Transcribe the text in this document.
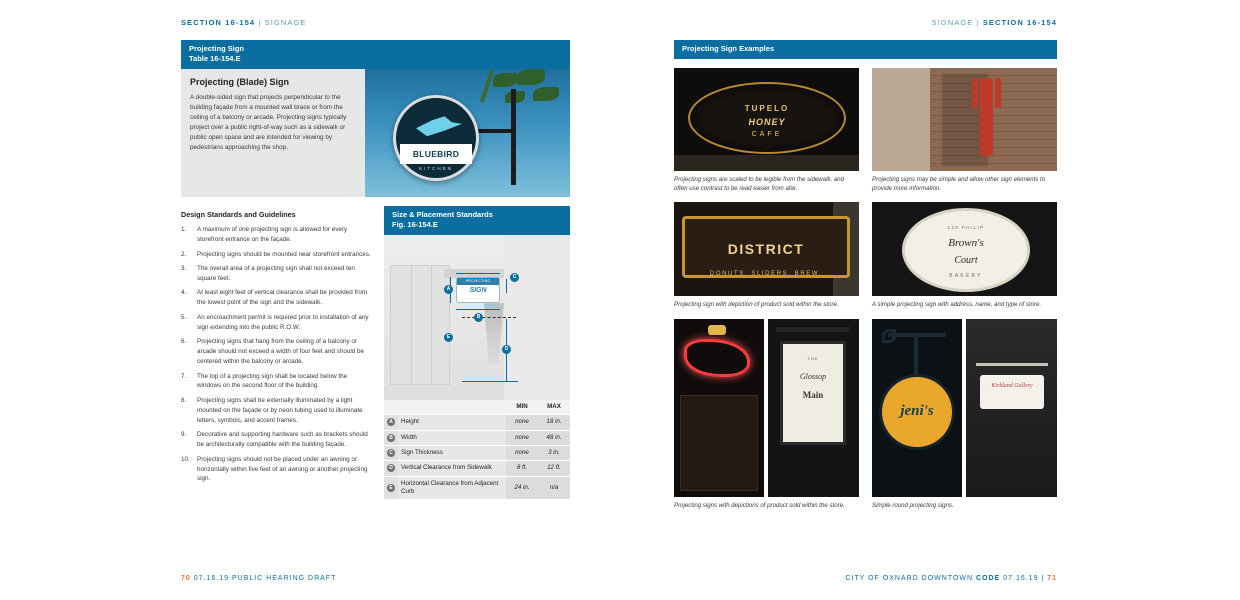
SECTION 16-154 | SIGNAGE	SIGNAGE | SECTION 16-154
Projecting Sign
Table 16-154.E
Projecting (Blade) Sign

A double-sided sign that projects perpendicular to the building façade from a mounted wall brace or from the ceiling of a balcony or arcade. Projecting signs typically project over a public right-of-way such as a sidewalk or public open space and are intended for viewing by pedestrians approaching the shop.

BLUEBIRD
KITCHEN
Design Standards and Guidelines
1.	A maximum of one projecting sign is allowed for every storefront entrance on the façade.
2.	Projecting signs should be mounted near storefront entrances.
3.	The overall area of a projecting sign shall not exceed ten square feet.
4.	At least eight feet of vertical clearance shall be provided from the lowest point of the sign and the sidewalk.
5.	An encroachment permit is required prior to installation of any sign extending into the public R.O.W.
6.	Projecting signs that hang from the ceiling of a balcony or arcade should not exceed a width of four feet and should be centered within the balcony or arcade.
7.	The top of a projecting sign shall be located below the windows on the second floor of the building.
8.	Projecting signs shall be externally illuminated by a light mounted on the façade or by neon tubing used to illuminate letters, symbols, and accent frames.
9.	Decorative and supporting hardware such as brackets should be architecturally compatible with the building façade.
10.	Projecting signs should not be placed under an awning or horizontally within five feet of an awning or another projecting sign.
Size & Placement Standards
Fig. 16-154.E
PROJECTING
SIGN
A
B
C
D
E
MIN	MAX
A	Height	none	18 in.
B	Width	none	48 in.
C	Sign Thickness	none	3 in.
D	Vertical Clearance from Sidewalk	8 ft.	12 ft.
E	Horizontal Clearance from Adjacent Curb	24 in.	n/a
Projecting Sign Examples
TUPELO
HONEY
CAFE
Projecting signs are scaled to be legible from the sidewalk, and often use contrast to be read easier from afar.
Projecting signs may be simple and allow other sign elements to provide more information.
DISTRICT
DONUTS. SLIDERS. BREW.
Projecting sign with depiction of product sold within the store.
128 PHILIP
Brown's
Court
BAKERY
A simple projecting sign with address, name, and type of store.
THE
Glossop
Main
Projecting signs with depictions of product sold within the store.
jeni's
Kirkland Gallery
Simple round projecting signs.
70 07.16.19 PUBLIC HEARING DRAFT	CITY OF OXNARD DOWNTOWN CODE 07.16.19 | 71
